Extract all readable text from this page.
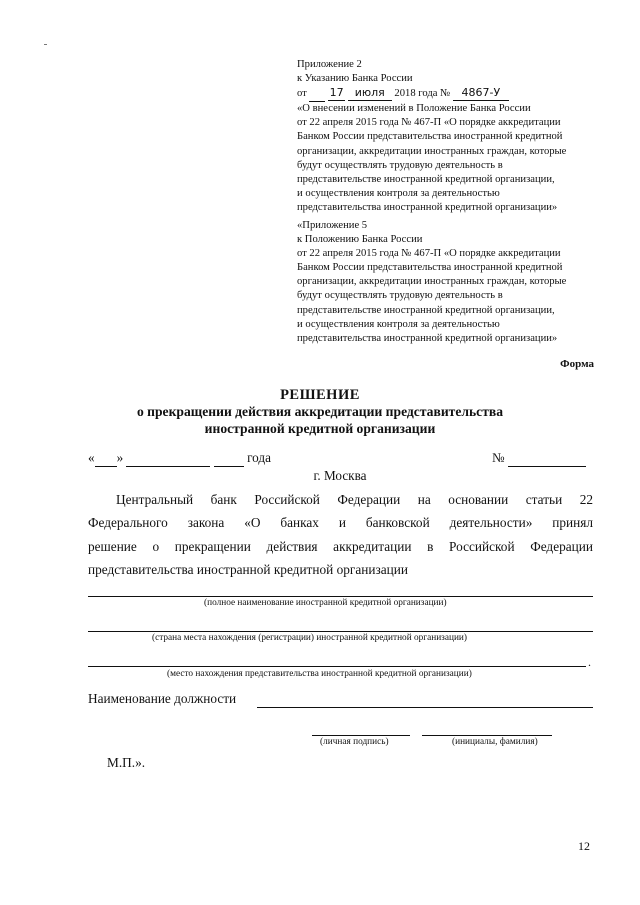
Приложение 2
к Указанию Банка России
от 17 июля 2018 года № 4867-У
«О внесении изменений в Положение Банка России
от 22 апреля 2015 года № 467-П «О порядке аккредитации
Банком России представительства иностранной кредитной
организации, аккредитации иностранных граждан, которые
будут осуществлять трудовую деятельность в
представительстве иностранной кредитной организации,
и осуществления контроля за деятельностью
представительства иностранной кредитной организации»
«Приложение 5
к Положению Банка России
от 22 апреля 2015 года № 467-П «О порядке аккредитации
Банком России представительства иностранной кредитной
организации, аккредитации иностранных граждан, которые
будут осуществлять трудовую деятельность в
представительстве иностранной кредитной организации,
и осуществления контроля за деятельностью
представительства иностранной кредитной организации»
Форма
РЕШЕНИЕ
о прекращении действия аккредитации представительства
иностранной кредитной организации
« »	года	№
г. Москва
Центральный банк Российской Федерации на основании статьи 22
Федерального закона «О банках и банковской деятельности» принял
решение о прекращении действия аккредитации в Российской Федерации
представительства иностранной кредитной организации
(полное наименование иностранной кредитной организации)
(страна места нахождения (регистрации) иностранной кредитной организации)
.
(место нахождения представительства иностранной кредитной организации)
Наименование должности
(личная подпись)	(инициалы, фамилия)
М.П.».
12
